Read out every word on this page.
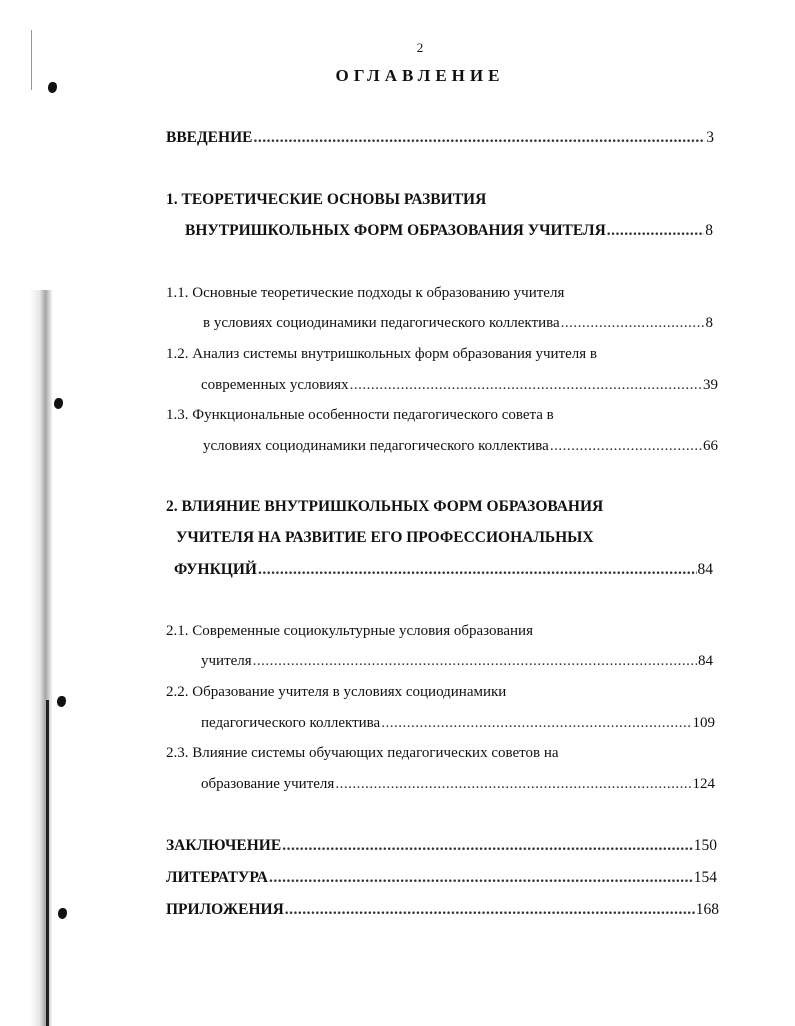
2
ОГЛАВЛЕНИЕ
ВВЕДЕНИЕ .....	3
1. ТЕОРЕТИЧЕСКИЕ ОСНОВЫ РАЗВИТИЯ
ВНУТРИШКОЛЬНЫХ ФОРМ ОБРАЗОВАНИЯ УЧИТЕЛЯ .....	8
1.1. Основные теоретические подходы к образованию учителя
в условиях социодинамики педагогического коллектива .....	8
1.2. Анализ системы внутришкольных форм образования учителя в
современных условиях .....	39
1.3. Функциональные особенности педагогического совета в
условиях социодинамики педагогического коллектива .....	66
2. ВЛИЯНИЕ ВНУТРИШКОЛЬНЫХ ФОРМ ОБРАЗОВАНИЯ
УЧИТЕЛЯ НА РАЗВИТИЕ ЕГО ПРОФЕССИОНАЛЬНЫХ
ФУНКЦИЙ .....	84
2.1. Современные социокультурные условия образования
учителя .....	84
2.2. Образование учителя в условиях социодинамики
педагогического коллектива .....	109
2.3. Влияние системы обучающих педагогических советов на
образование учителя .....	124
ЗАКЛЮЧЕНИЕ .....	150
ЛИТЕРАТУРА .....	154
ПРИЛОЖЕНИЯ .....	168
